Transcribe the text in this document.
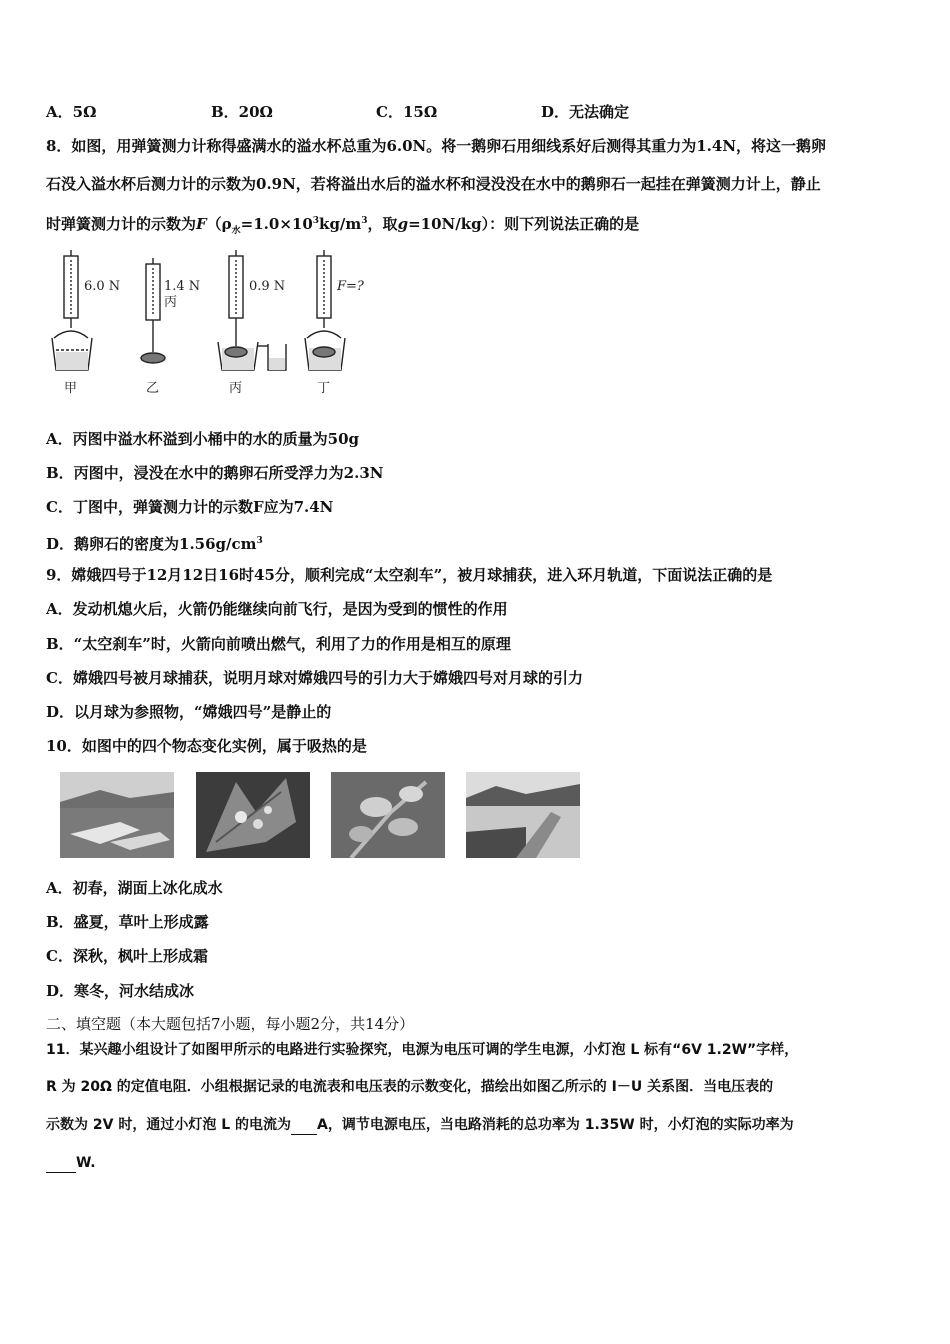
A．5Ω	B．20Ω	C．15Ω	D．无法确定
8．如图，用弹簧测力计称得盛满水的溢水杯总重为6.0N。将一鹅卵石用细线系好后测得其重力为1.4N，将这一鹅卵
石没入溢水杯后测力计的示数为0.9N，若将溢出水后的溢水杯和浸没没在水中的鹅卵石一起挂在弹簧测力计上，静止
时弹簧测力计的示数为$F(\rho_水=1.0\times 10^3kg/m^3$，取g=10N/kg）：则下列说法正确的是
6.0 N	1.4 N
丙
0.9 N	F=?
甲	乙	丙	丁
A．丙图中溢水杯溢到小桶中的水的质量为50g
B．丙图中，浸没在水中的鹅卵石所受浮力为2.3N
C．丁图中，弹簧测力计的示数F应为7.4N
D．鹅卵石的密度为$1.56g/cm^3$
9．嫦娥四号于12月12日16时45分，顺利完成“太空刹车”，被月球捕获，进入环月轨道，下面说法正确的是
A．发动机熄火后，火箭仍能继续向前飞行，是因为受到的惯性的作用
B．“太空刹车”时，火箭向前喷出燃气，利用了力的作用是相互的原理
C．嫦娥四号被月球捕获，说明月球对嫦娥四号的引力大于嫦娥四号对月球的引力
D．以月球为参照物，“嫦娥四号”是静止的
10．如图中的四个物态变化实例，属于吸热的是
A．初春，湖面上冰化成水
B．盛夏，草叶上形成露
C．深秋，枫叶上形成霜
D．寒冬，河水结成冰
二、填空题（本大题包括7小题，每小题2分，共14分）
11．某兴趣小组设计了如图甲所示的电路进行实验探究，电源为电压可调的学生电源，小灯泡 L 标有“6V 1.2W”字样，
R 为 20Ω 的定值电阻．小组根据记录的电流表和电压表的示数变化，描绘出如图乙所示的 I－U 关系图．当电压表的
示数为 2V 时，通过小灯泡 L 的电流为 A，调节电源电压，当电路消耗的总功率为 1.35W 时，小灯泡的实际功率为
W.
